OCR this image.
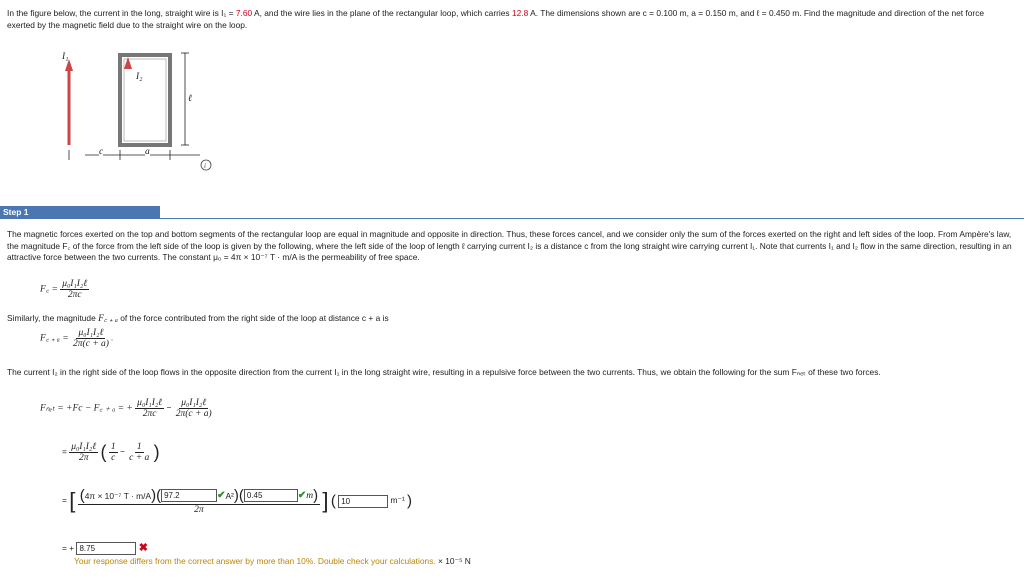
In the figure below, the current in the long, straight wire is I₁ = 7.60 A, and the wire lies in the plane of the rectangular loop, which carries 12.8 A. The dimensions shown are c = 0.100 m, a = 0.150 m, and ℓ = 0.450 m. Find the magnitude and direction of the net force exerted by the magnetic field due to the straight wire on the loop.
i
I₁
I₂
ℓ
c	a
Step 1
The magnetic forces exerted on the top and bottom segments of the rectangular loop are equal in magnitude and opposite in direction. Thus, these forces cancel, and we consider only the sum of the forces exerted on the right and left sides of the loop. From Ampère's law, the magnitude F꜀ of the force from the left side of the loop is given by the following, where the left side of the loop of length ℓ carrying current I₂ is a distance c from the long straight wire carrying current I₁. Note that currents I₁ and I₂ flow in the same direction, resulting in an attractive force between the two currents. The constant μ₀ = 4π × 10⁻⁷ T · m/A is the permeability of free space.
F꜀ = $\frac{\text{μ₀I₁I₂ℓ}}{2\pi c}$
Similarly, the magnitude F꜀ ₊ ₐ of the force contributed from the right side of the loop at distance c + a is
F꜀ ₊ $_a = \frac{\text{μ₀I₁I₂ℓ}}{2\pi(c + a)}$ .
The current I₂ in the right side of the loop flows in the opposite direction from the current I₁ in the long straight wire, resulting in a repulsive force between the two currents. Thus, we obtain the following for the sum Fₙₑₜ of these two forces.
Fₙₑₜ = +Fc − F꜀ ₊ ₐ = + $\frac{\text{μ₀I₁I₂ℓ}}{2\pi c} - \frac{\text{μ₀I₁I₂ℓ}}{2\pi(c + a)}$
= $\frac{\text{μ₀I₁I₂ℓ}}{2\pi}$ ( $\frac{1}{c} - \frac{1}{c + a}$ )
= [ ( 4π × 10⁻⁷ T · m/A ) ( 97.2	✔ A² ) ( 0.45	✔ m )
2π	] ( 10	m⁻¹ )
= + 8.75	✖
Your response differs from the correct answer by more than 10%. Double check your calculations. × 10⁻⁵ N
